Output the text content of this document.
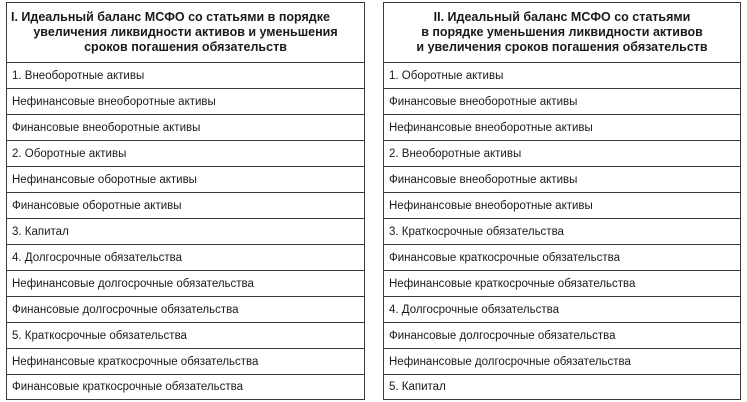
I. Идеальный баланс МСФО со статьями в порядке
увеличения ликвидности активов и уменьшения
сроков погашения обязательств

1. Внеоборотные активы
Нефинансовые внеоборотные активы
Финансовые внеоборотные активы
2. Оборотные активы
Нефинансовые оборотные активы
Финансовые оборотные активы
3. Капитал
4. Долгосрочные обязательства
Нефинансовые долгосрочные обязательства
Финансовые долгосрочные обязательства
5. Краткосрочные обязательства
Нефинансовые краткосрочные обязательства
Финансовые краткосрочные обязательства
II. Идеальный баланс МСФО со статьями
в порядке уменьшения ликвидности активов
и увеличения сроков погашения обязательств

1. Оборотные активы
Финансовые внеоборотные активы
Нефинансовые внеоборотные активы
2. Внеоборотные активы
Финансовые внеоборотные активы
Нефинансовые внеоборотные активы
3. Краткосрочные обязательства
Финансовые краткосрочные обязательства
Нефинансовые краткосрочные обязательства
4. Долгосрочные обязательства
Финансовые долгосрочные обязательства
Нефинансовые долгосрочные обязательства
5. Капитал
